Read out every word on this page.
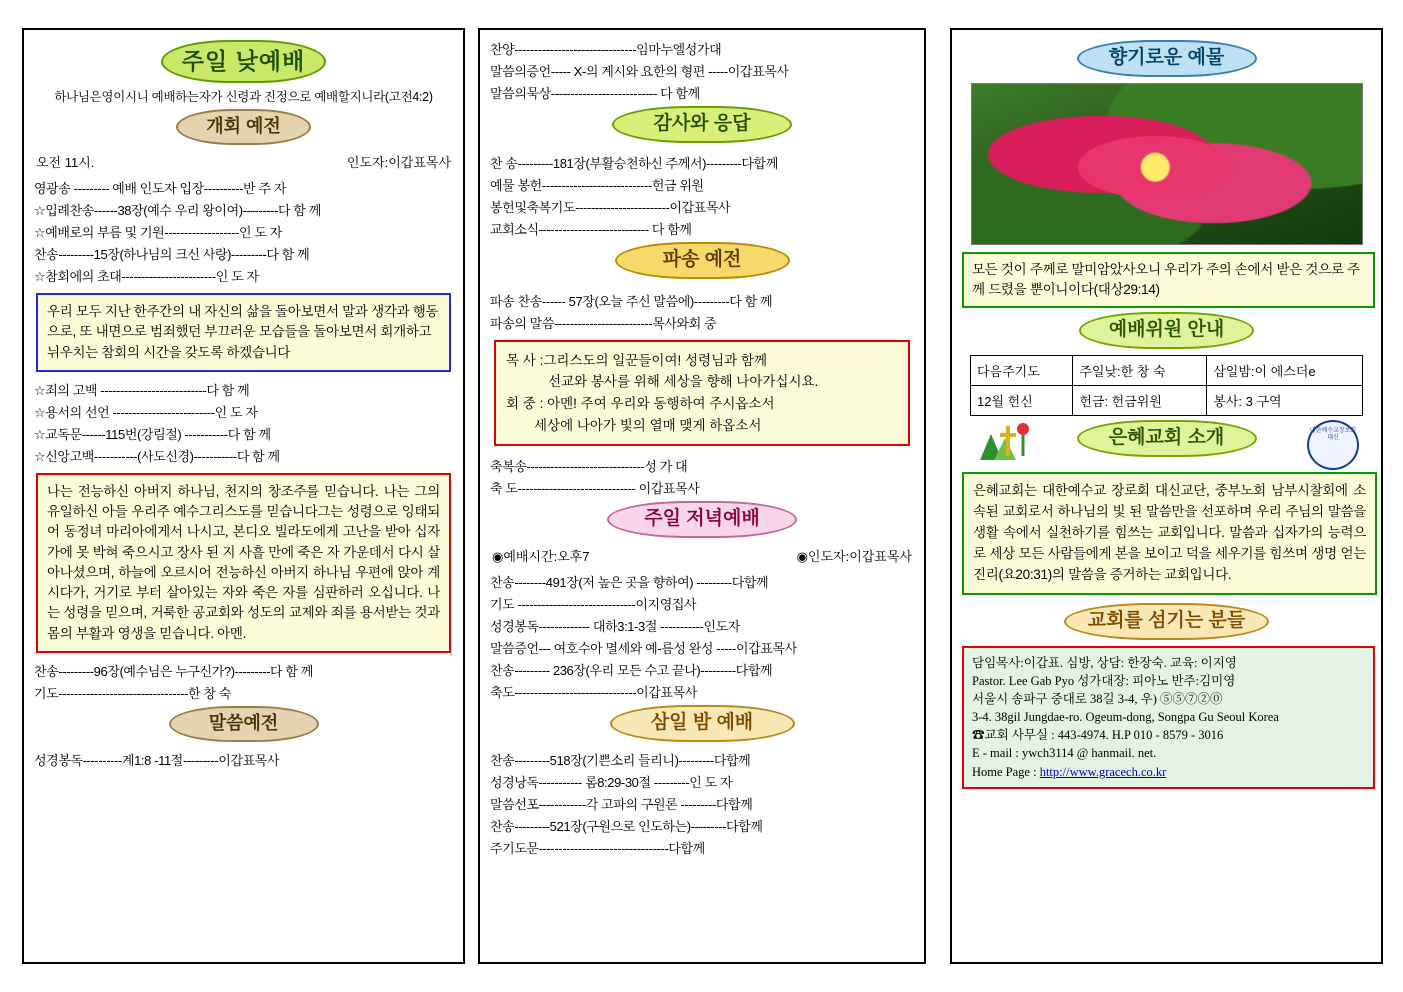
주일 낮예배
하나님은영이시니 예배하는자가 신령과 진정으로 예배할지니라(고전4:2)
개회 예전
오전 11시.	인도자:이갑표목사
영광송 --------- 예배 인도자 입장----------반 주 자
☆입례찬송------38장(예수 우리 왕이여)---------다 함 께
☆예배로의 부름 및 기원-------------------인 도 자
찬송---------15장(하나님의 크신 사랑)---------다 함 께
☆참회에의 초대------------------------인 도 자
우리 모두 지난 한주간의 내 자신의 삶을 돌아보면서 말과 생각과 행동으로, 또 내면으로 범죄했던 부끄러운 모습들을 돌아보면서 회개하고 뉘우치는 참회의 시간을 갖도록 하겠습니다
☆죄의 고백 ---------------------------다 함 께
☆용서의 선언 --------------------------인 도 자
☆교독문------115번(강림절) -----------다 함 께
☆신앙고백-----------(사도신경)-----------다 함 께
나는 전능하신 아버지 하나님, 천지의 창조주를 믿습니다. 나는 그의 유일하신 아들 우리주 예수그리스도를 믿습니다그는 성령으로 잉태되어 동정녀 마리아에게서 나시고, 본디오 빌라도에게 고난을 받아 십자가에 못 박혀 죽으시고 장사 된 지 사흘 만에 죽은 자 가운데서 다시 살아나셨으며, 하늘에 오르시어 전능하신 아버지 하나님 우편에 앉아 계시다가, 거기로 부터 살아있는 자와 죽은 자를 심판하러 오십니다. 나는 성령을 믿으며, 거룩한 공교회와 성도의 교제와 죄를 용서받는 것과 몸의 부활과 영생을 믿습니다. 아멘.
찬송---------96장(예수님은 누구신가?)---------다 함 께
기도---------------------------------한 창 숙
말씀예전
성경봉독----------계1:8 -11절---------이갑표목사
찬양-------------------------------임마누엘성가대
말씀의증언----- X-의 계시와 요한의 형편 -----이갑표목사
말씀의묵상--------------------------- 다 함께
감사와 응답
찬 송---------181장(부활승천하신 주께서)---------다합께
예물 봉헌----------------------------헌금 위원
봉헌및축복기도------------------------이갑표목사
교회소식---------------------------- 다 함께
파송 예전
파송 찬송------ 57장(오늘 주신 말씀에)---------다 함 께
파송의 말씀-------------------------목사와회 중
목 사 :그리스도의 일꾼들이여! 성령님과 함께
선교와 봉사를 위해 세상을 향해 나아가십시요.
회 중 : 아멘! 주여 우리와 동행하여 주시옵소서
세상에 나아가 빛의 열매 맺게 하옵소서
축복송------------------------------성 가 대
축 도------------------------------ 이갑표목사
주일 저녁예배
◉예배시간:오후7	◉인도자:이갑표목사
찬송--------491장(저 높은 곳을 향하여) ---------다합께
기도 ------------------------------이지영집사
성경봉독------------- 대하3:1-3절 -----------인도자
말씀증언--- 여호수아 멸세와 예-름성 완성 -----이갑표목사
찬송--------- 236장(우리 모든 수고 끝나)---------다합께
축도-------------------------------이갑표목사
삼일 밤 예배
찬송---------518장(기쁜소리 들리니)---------다합께
성경낭독----------- 롬8:29-30절 ---------인 도 자
말씀선포------------각 고파의 구원론 ---------다합께
찬송---------521장(구원으로 인도하는)---------다합께
주기도문---------------------------------다합께
향기로운 예물
모든 것이 주께로 말미암았사오니 우리가 주의 손에서 받은 것으로 주께 드렸을 뿐이니이다(대상29:14)
예배위원 안내
다음주기도	주일낮:한 창 숙	삼일밤:이 에스더e
12월 헌신	헌금: 헌금위원	봉사: 3 구역
은혜교회 소개	대한예수교장로회 대신
은혜교회는 대한예수교 장로회 대신교단, 중부노회 남부시찰회에 소속된 교회로서 하나님의 빛 된 말씀만을 선포하며 우리 주님의 말씀을 생활 속에서 실천하기를 힘쓰는 교회입니다. 말씀과 십자가의 능력으로 세상 모든 사람들에게 본을 보이고 덕을 세우기를 힘쓰며 생명 얻는 진리(요20:31)의 말씀을 증거하는 교회입니다.
교회를 섬기는 분들
담임목사:이갑표. 심방, 상담: 한장숙. 교육: 이지영
Pastor. Lee Gab Pyo 성가대장: 피아노 반주:김미영
서울시 송파구 중대로 38길 3-4, 우) ⑤⑤⑦②⓪
3-4. 38gil Jungdae-ro. Ogeum-dong, Songpa Gu Seoul Korea
☎교회 사무실 : 443-4974. H.P 010 - 8579 - 3016
E - mail : ywch3114 @ hanmail. net.
Home Page : http://www.gracech.co.kr
